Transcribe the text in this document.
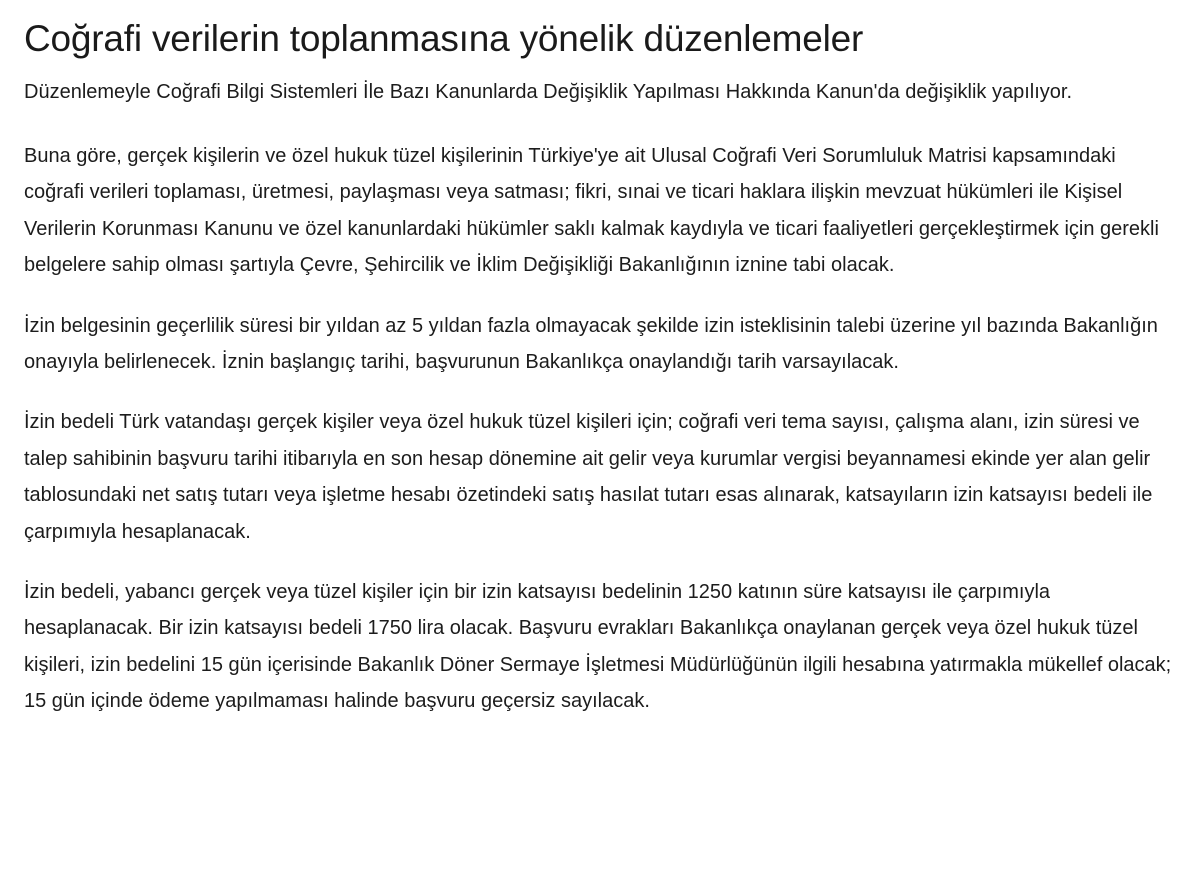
Coğrafi verilerin toplanmasına yönelik düzenlemeler

Düzenlemeyle Coğrafi Bilgi Sistemleri İle Bazı Kanunlarda Değişiklik Yapılması Hakkında Kanun'da değişiklik yapılıyor.

Buna göre, gerçek kişilerin ve özel hukuk tüzel kişilerinin Türkiye'ye ait Ulusal Coğrafi Veri Sorumluluk Matrisi kapsamındaki coğrafi verileri toplaması, üretmesi, paylaşması veya satması; fikri, sınai ve ticari haklara ilişkin mevzuat hükümleri ile Kişisel Verilerin Korunması Kanunu ve özel kanunlardaki hükümler saklı kalmak kaydıyla ve ticari faaliyetleri gerçekleştirmek için gerekli belgelere sahip olması şartıyla Çevre, Şehircilik ve İklim Değişikliği Bakanlığının iznine tabi olacak.

İzin belgesinin geçerlilik süresi bir yıldan az 5 yıldan fazla olmayacak şekilde izin isteklisinin talebi üzerine yıl bazında Bakanlığın onayıyla belirlenecek. İznin başlangıç tarihi, başvurunun Bakanlıkça onaylandığı tarih varsayılacak.

İzin bedeli Türk vatandaşı gerçek kişiler veya özel hukuk tüzel kişileri için; coğrafi veri tema sayısı, çalışma alanı, izin süresi ve talep sahibinin başvuru tarihi itibarıyla en son hesap dönemine ait gelir veya kurumlar vergisi beyannamesi ekinde yer alan gelir tablosundaki net satış tutarı veya işletme hesabı özetindeki satış hasılat tutarı esas alınarak, katsayıların izin katsayısı bedeli ile çarpımıyla hesaplanacak.

İzin bedeli, yabancı gerçek veya tüzel kişiler için bir izin katsayısı bedelinin 1250 katının süre katsayısı ile çarpımıyla hesaplanacak. Bir izin katsayısı bedeli 1750 lira olacak. Başvuru evrakları Bakanlıkça onaylanan gerçek veya özel hukuk tüzel kişileri, izin bedelini 15 gün içerisinde Bakanlık Döner Sermaye İşletmesi Müdürlüğünün ilgili hesabına yatırmakla mükellef olacak; 15 gün içinde ödeme yapılmaması halinde başvuru geçersiz sayılacak.
